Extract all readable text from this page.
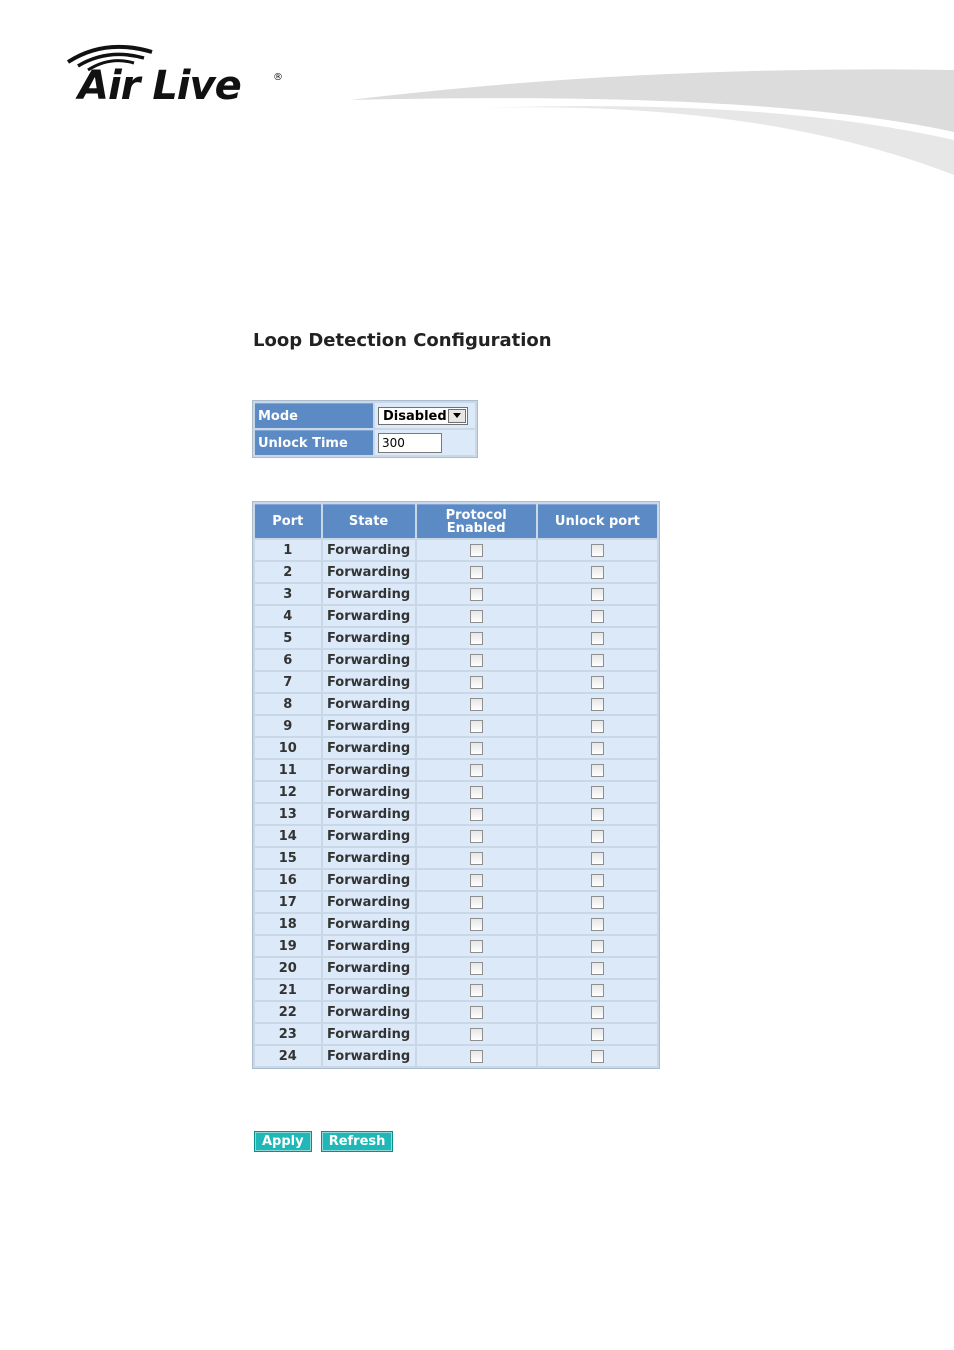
Air Live	®
Loop Detection Configuration
Mode	Disabled

Unlock Time	300
Port	State	Protocol Enabled	Unlock port
1	Forwarding		
2	Forwarding		
3	Forwarding		
4	Forwarding		
5	Forwarding		
6	Forwarding		
7	Forwarding		
8	Forwarding		
9	Forwarding		
10	Forwarding		
11	Forwarding		
12	Forwarding		
13	Forwarding		
14	Forwarding		
15	Forwarding		
16	Forwarding		
17	Forwarding		
18	Forwarding		
19	Forwarding		
20	Forwarding		
21	Forwarding		
22	Forwarding		
23	Forwarding		
24	Forwarding		
Apply Refresh
